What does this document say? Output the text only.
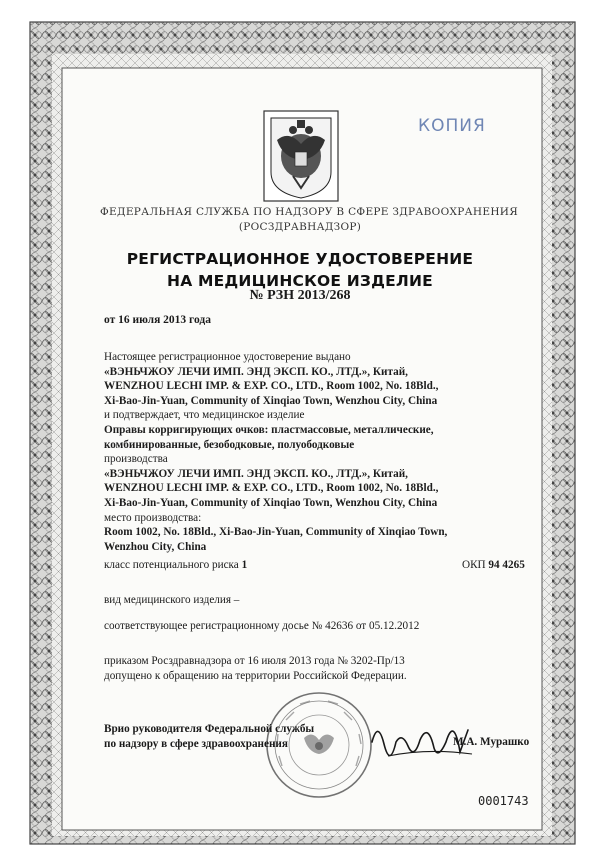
КОПИЯ
ФЕДЕРАЛЬНАЯ СЛУЖБА ПО НАДЗОРУ В СФЕРЕ ЗДРАВООХРАНЕНИЯ
(РОСЗДРАВНАДЗОР)
РЕГИСТРАЦИОННОЕ УДОСТОВЕРЕНИЕ
НА МЕДИЦИНСКОЕ ИЗДЕЛИЕ
№ РЗН 2013/268
от 16 июля 2013 года
Настоящее регистрационное удостоверение выдано
«ВЭНЬЧЖОУ ЛЕЧИ ИМП. ЭНД ЭКСП. КО., ЛТД.», Китай,
WENZHOU LECHI IMP. & EXP. CO., LTD., Room 1002, No. 18Bld.,
Xi-Bao-Jin-Yuan, Community of Xinqiao Town, Wenzhou City, China
и подтверждает, что медицинское изделие
Оправы корригирующих очков: пластмассовые, металлические,
комбинированные, безободковые, полуободковые
производства
«ВЭНЬЧЖОУ ЛЕЧИ ИМП. ЭНД ЭКСП. КО., ЛТД.», Китай,
WENZHOU LECHI IMP. & EXP. CO., LTD., Room 1002, No. 18Bld.,
Xi-Bao-Jin-Yuan, Community of Xinqiao Town, Wenzhou City, China
место производства:
Room 1002, No. 18Bld., Xi-Bao-Jin-Yuan, Community of Xinqiao Town,
Wenzhou City, China
класс потенциального риска 1	ОКП 94 4265
вид медицинского изделия –
соответствующее регистрационному досье № 42636 от 05.12.2012
приказом Росздравнадзора от 16 июля 2013 года № 3202-Пр/13
допущено к обращению на территории Российской Федерации.
Врио руководителя Федеральной службы
по надзору в сфере здравоохранения	М.А. Мурашко
0001743
